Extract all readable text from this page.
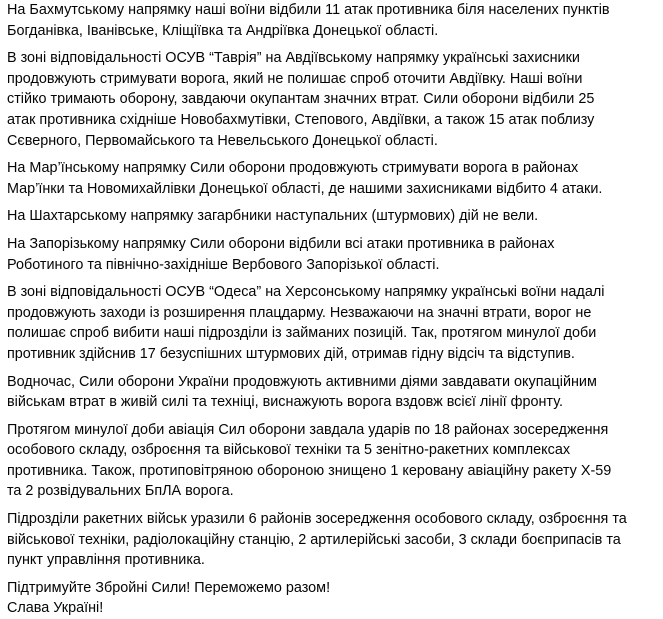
На Бахмутському напрямку наші воїни відбили 11 атак противника біля населених пунктів
Богданівка, Іванівське, Кліщіївка та Андріївка Донецької області.
В зоні відповідальності ОСУВ “Таврія” на Авдіївському напрямку українські захисники
продовжують стримувати ворога, який не полишає спроб оточити Авдіївку. Наші воїни
стійко тримають оборону, завдаючи окупантам значних втрат. Сили оборони відбили 25
атак противника східніше Новобахмутівки, Степового, Авдіївки, а також 15 атак поблизу
Сєверного, Первомайського та Невельського Донецької області.
На Мар’їнському напрямку Сили оборони продовжують стримувати ворога в районах
Мар’їнки та Новомихайлівки Донецької області, де нашими захисниками відбито 4 атаки.
На Шахтарському напрямку загарбники наступальних (штурмових) дій не вели.
На Запорізькому напрямку Сили оборони відбили всі атаки противника в районах
Роботиного та північно-західніше Вербового Запорізької області.
В зоні відповідальності ОСУВ “Одеса” на Херсонському напрямку українські воїни надалі
продовжують заходи із розширення плацдарму. Незважаючи на значні втрати, ворог не
полишає спроб вибити наші підрозділи із займаних позицій. Так, протягом минулої доби
противник здійснив 17 безуспішних штурмових дій, отримав гідну відсіч та відступив.
Водночас, Сили оборони України продовжують активними діями завдавати окупаційним
військам втрат в живій силі та техніці, виснажують ворога вздовж всієї лінії фронту.
Протягом минулої доби авіація Сил оборони завдала ударів по 18 районах зосередження
особового складу, озброєння та військової техніки та 5 зенітно-ракетних комплексах
противника. Також, протиповітряною обороною знищено 1 керовану авіаційну ракету Х-59
та 2 розвідувальних БпЛА ворога.
Підрозділи ракетних військ уразили 6 районів зосередження особового складу, озброєння та
військової техніки, радіолокаційну станцію, 2 артилерійські засоби, 3 склади боєприпасів та
пункт управління противника.
Підтримуйте Збройні Сили! Переможемо разом!
Слава Україні!
